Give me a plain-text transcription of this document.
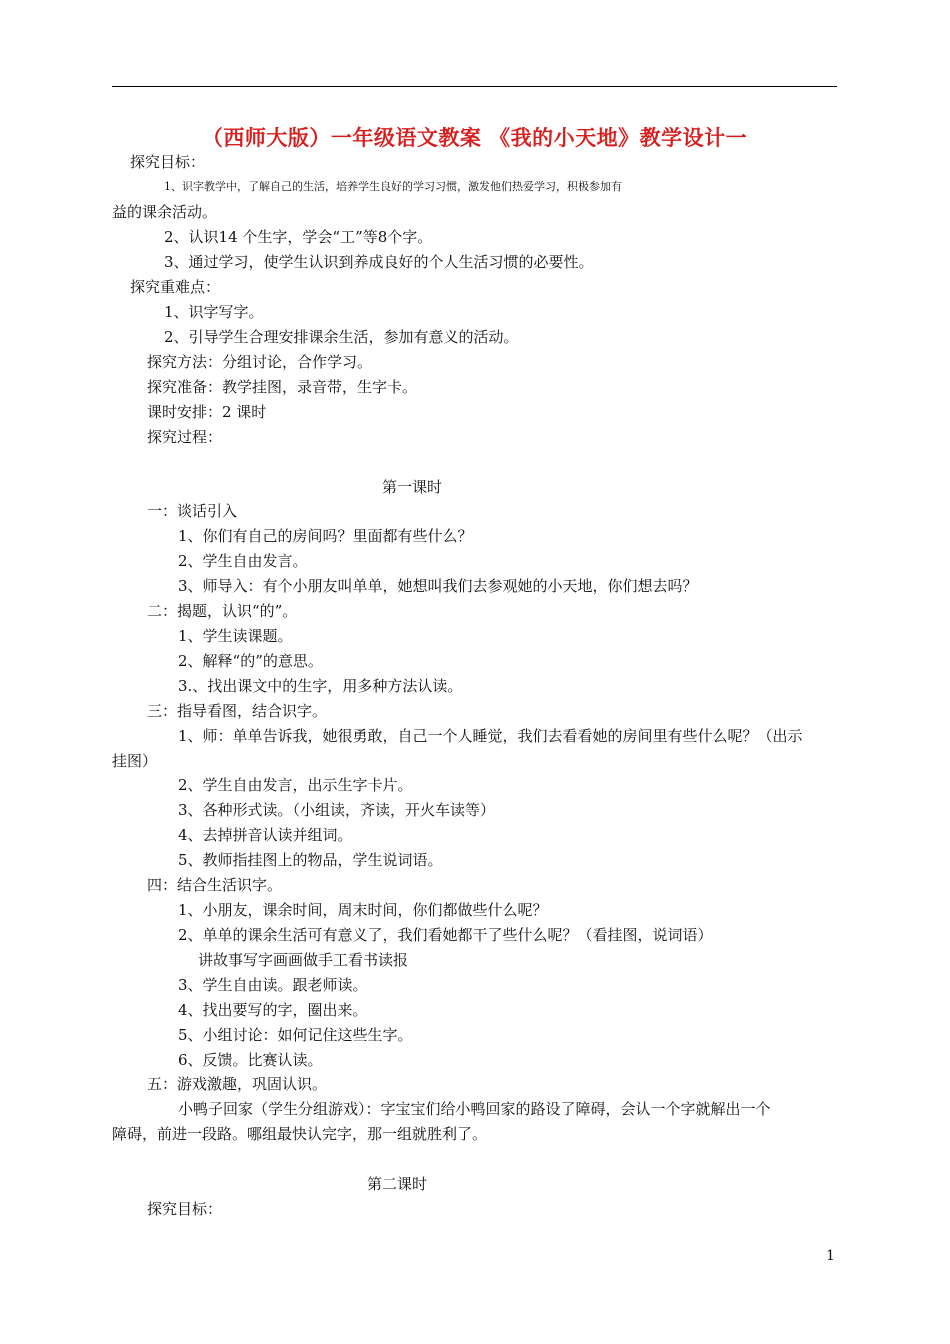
（西师大版）一年级语文教案 《我的小天地》教学设计一
探究目标：
1、识字教学中，了解自己的生活，培养学生良好的学习习惯，激发他们热爱学习，积极参加有
益的课余活动。
2、认识14 个生字，学会“工”等8个字。
3、通过学习，使学生认识到养成良好的个人生活习惯的必要性。
探究重难点：
1、识字写字。
2、引导学生合理安排课余生活，参加有意义的活动。
探究方法：分组讨论，合作学习。
探究准备：教学挂图，录音带，生字卡。
课时安排：2 课时
探究过程：
第一课时
一：谈话引入
1、你们有自己的房间吗？里面都有些什么？
2、学生自由发言。
3、师导入：有个小朋友叫单单，她想叫我们去参观她的小天地，你们想去吗？
二：揭题，认识“的”。
1、学生读课题。
2、解释“的”的意思。
3.、找出课文中的生字，用多种方法认读。
三：指导看图，结合识字。
1、师：单单告诉我，她很勇敢，自己一个人睡觉，我们去看看她的房间里有些什么呢？（出示
挂图）
2、学生自由发言，出示生字卡片。
3、各种形式读。（小组读，齐读，开火车读等）
4、去掉拼音认读并组词。
5、教师指挂图上的物品，学生说词语。
四：结合生活识字。
1、小朋友，课余时间，周末时间，你们都做些什么呢？
2、单单的课余生活可有意义了，我们看她都干了些什么呢？（看挂图，说词语）
讲故事写字画画做手工看书读报
3、学生自由读。跟老师读。
4、找出要写的字，圈出来。
5、小组讨论：如何记住这些生字。
6、反馈。比赛认读。
五：游戏激趣，巩固认识。
小鸭子回家（学生分组游戏）：字宝宝们给小鸭回家的路设了障碍，会认一个字就解出一个
障碍，前进一段路。哪组最快认完字，那一组就胜利了。
第二课时
探究目标：
1
